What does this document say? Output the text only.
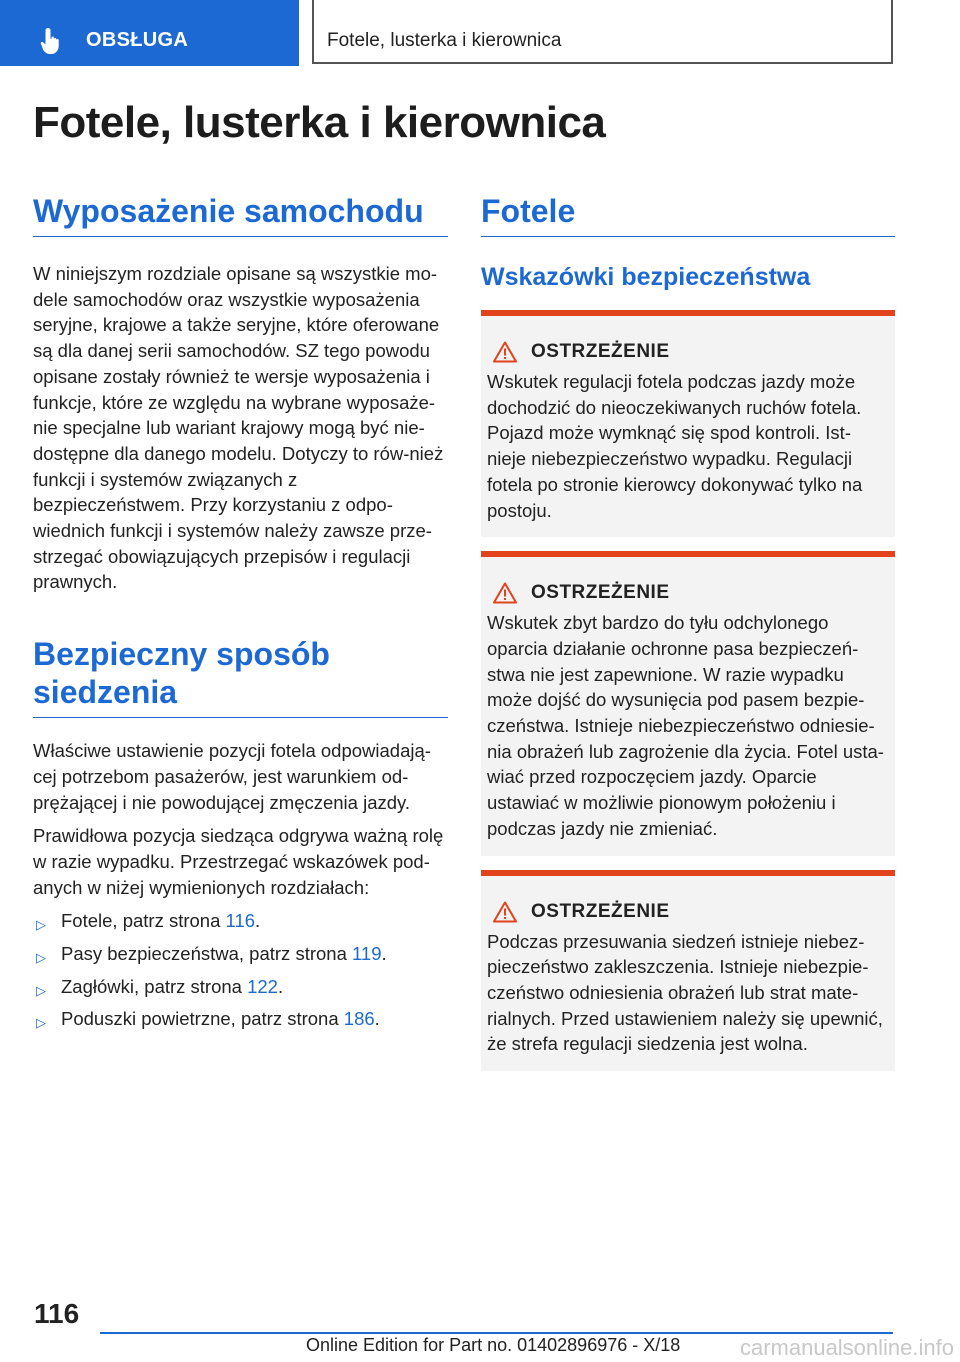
OBSŁUGA	Fotele, lusterka i kierownica
Fotele, lusterka i kierownica
Wyposażenie samochodu

W niniejszym rozdziale opisane są wszystkie mo-dele samochodów oraz wszystkie wyposażenia seryjne, krajowe a także seryjne, które oferowane są dla danej serii samochodów. SZ tego powodu opisane zostały również te wersje wyposażenia i funkcje, które ze względu na wybrane wyposaże-nie specjalne lub wariant krajowy mogą być nie-dostępne dla danego modelu. Dotyczy to rów-nież funkcji i systemów związanych z bezpieczeństwem. Przy korzystaniu z odpo-wiednich funkcji i systemów należy zawsze prze-strzegać obowiązujących przepisów i regulacji prawnych.

Bezpieczny sposób
siedzenia

Właściwe ustawienie pozycji fotela odpowiadają-cej potrzebom pasażerów, jest warunkiem od-prężającej i nie powodującej zmęczenia jazdy.

Prawidłowa pozycja siedząca odgrywa ważną rolę w razie wypadku. Przestrzegać wskazówek pod-anych w niżej wymienionych rozdziałach:

▷ Fotele, patrz strona 116.
▷ Pasy bezpieczeństwa, patrz strona 119.
▷ Zagłówki, patrz strona 122.
▷ Poduszki powietrzne, patrz strona 186.
Fotele
Wskazówki bezpieczeństwa
OSTRZEŻENIE

Wskutek regulacji fotela podczas jazdy może dochodzić do nieoczekiwanych ruchów fotela. Pojazd może wymknąć się spod kontroli. Ist-nieje niebezpieczeństwo wypadku. Regulacji fotela po stronie kierowcy dokonywać tylko na postoju.

OSTRZEŻENIE

Wskutek zbyt bardzo do tyłu odchylonego oparcia działanie ochronne pasa bezpieczeń-stwa nie jest zapewnione. W razie wypadku może dojść do wysunięcia pod pasem bezpie-czeństwa. Istnieje niebezpieczeństwo odniesie-nia obrażeń lub zagrożenie dla życia. Fotel usta-wiać przed rozpoczęciem jazdy. Oparcie ustawiać w możliwie pionowym położeniu i podczas jazdy nie zmieniać.

OSTRZEŻENIE

Podczas przesuwania siedzeń istnieje niebez-pieczeństwo zakleszczenia. Istnieje niebezpie-czeństwo odniesienia obrażeń lub strat mate-rialnych. Przed ustawieniem należy się upewnić, że strefa regulacji siedzenia jest wolna.

116
Online Edition for Part no. 01402896976 - X/18	carmanualsonline.info
